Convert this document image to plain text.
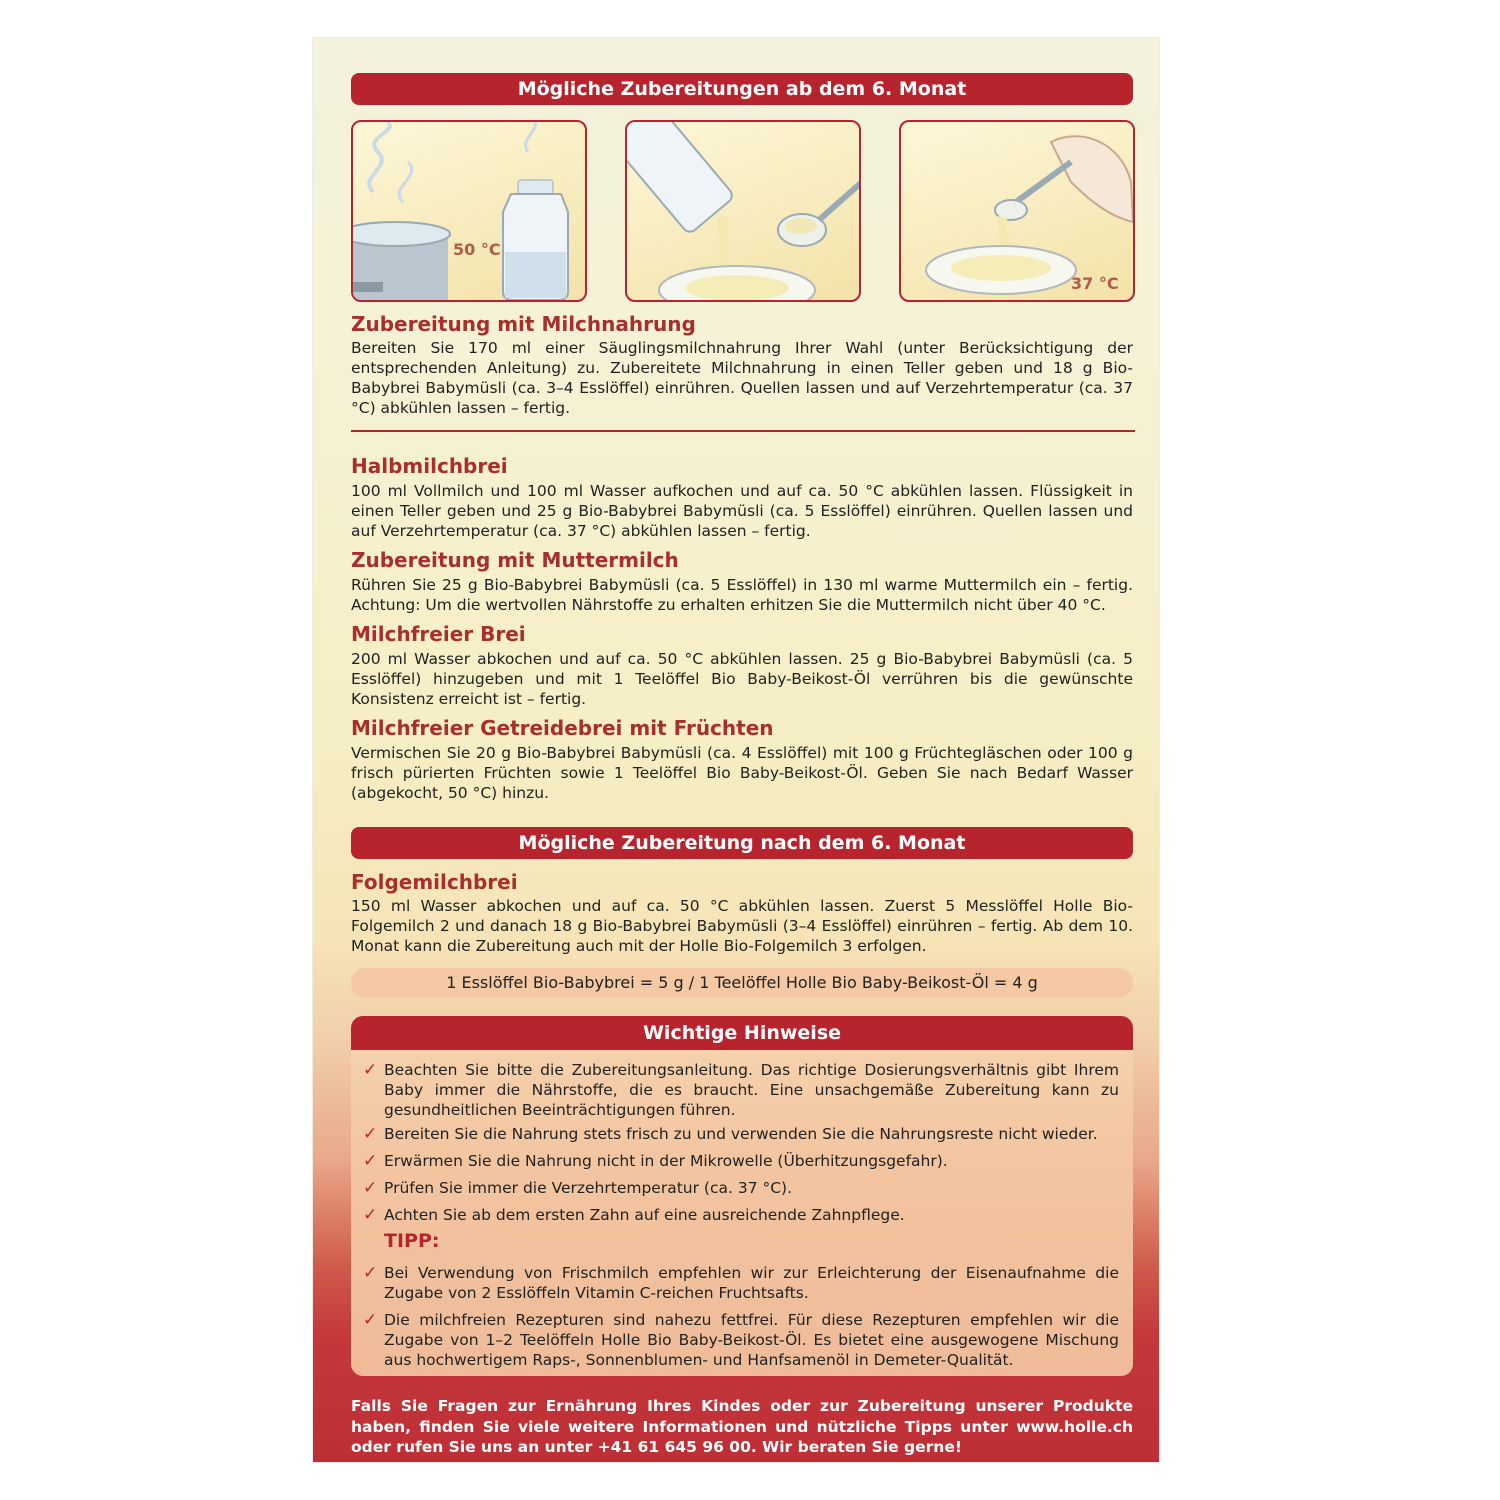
Mögliche Zubereitungen ab dem 6. Monat
50 °C
37 °C
Zubereitung mit Milchnahrung
Bereiten Sie 170 ml einer Säuglingsmilchnahrung Ihrer Wahl (unter Berücksichtigung der entsprechenden Anleitung) zu. Zubereitete Milchnahrung in einen Teller geben und 18 g Bio-Babybrei Babymüsli (ca. 3–4 Esslöffel) einrühren. Quellen lassen und auf Verzehrtemperatur (ca. 37 °C) abkühlen lassen – fertig.
Halbmilchbrei
100 ml Vollmilch und 100 ml Wasser aufkochen und auf ca. 50 °C abkühlen lassen. Flüssigkeit in einen Teller geben und 25 g Bio-Babybrei Babymüsli (ca. 5 Esslöffel) einrühren. Quellen lassen und auf Verzehrtemperatur (ca. 37 °C) abkühlen lassen – fertig.
Zubereitung mit Muttermilch
Rühren Sie 25 g Bio-Babybrei Babymüsli (ca. 5 Esslöffel) in 130 ml warme Muttermilch ein – fertig. Achtung: Um die wertvollen Nährstoffe zu erhalten erhitzen Sie die Muttermilch nicht über 40 °C.
Milchfreier Brei
200 ml Wasser abkochen und auf ca. 50 °C abkühlen lassen. 25 g Bio-Babybrei Babymüsli (ca. 5 Esslöffel) hinzugeben und mit 1 Teelöffel Bio Baby-Beikost-Öl verrühren bis die gewünschte Konsistenz erreicht ist – fertig.
Milchfreier Getreidebrei mit Früchten
Vermischen Sie 20 g Bio-Babybrei Babymüsli (ca. 4 Esslöffel) mit 100 g Früchtegläschen oder 100 g frisch pürierten Früchten sowie 1 Teelöffel Bio Baby-Beikost-Öl. Geben Sie nach Bedarf Wasser (abgekocht, 50 °C) hinzu.
Mögliche Zubereitung nach dem 6. Monat
Folgemilchbrei
150 ml Wasser abkochen und auf ca. 50 °C abkühlen lassen. Zuerst 5 Messlöffel Holle Bio-Folgemilch 2 und danach 18 g Bio-Babybrei Babymüsli (3–4 Esslöffel) einrühren – fertig. Ab dem 10. Monat kann die Zubereitung auch mit der Holle Bio-Folgemilch 3 erfolgen.
1 Esslöffel Bio-Babybrei = 5 g / 1 Teelöffel Holle Bio Baby-Beikost-Öl = 4 g
Wichtige Hinweise
✓ Beachten Sie bitte die Zubereitungsanleitung. Das richtige Dosierungsverhältnis gibt Ihrem Baby immer die Nährstoffe, die es braucht. Eine unsachgemäße Zubereitung kann zu gesundheitlichen Beeinträchtigungen führen.
✓ Bereiten Sie die Nahrung stets frisch zu und verwenden Sie die Nahrungsreste nicht wieder.
✓ Erwärmen Sie die Nahrung nicht in der Mikrowelle (Überhitzungsgefahr).
✓ Prüfen Sie immer die Verzehrtemperatur (ca. 37 °C).
✓ Achten Sie ab dem ersten Zahn auf eine ausreichende Zahnpflege.
TIPP:
✓ Bei Verwendung von Frischmilch empfehlen wir zur Erleichterung der Eisenaufnahme die Zugabe von 2 Esslöffeln Vitamin C-reichen Fruchtsafts.
✓ Die milchfreien Rezepturen sind nahezu fettfrei. Für diese Rezepturen empfehlen wir die Zugabe von 1–2 Teelöffeln Holle Bio Baby-Beikost-Öl. Es bietet eine ausgewogene Mischung aus hochwertigem Raps-, Sonnenblumen- und Hanfsamenöl in Demeter-Qualität.
Falls Sie Fragen zur Ernährung Ihres Kindes oder zur Zubereitung unserer Produkte haben, finden Sie viele weitere Informationen und nützliche Tipps unter www.holle.ch oder rufen Sie uns an unter +41 61 645 96 00. Wir beraten Sie gerne!
